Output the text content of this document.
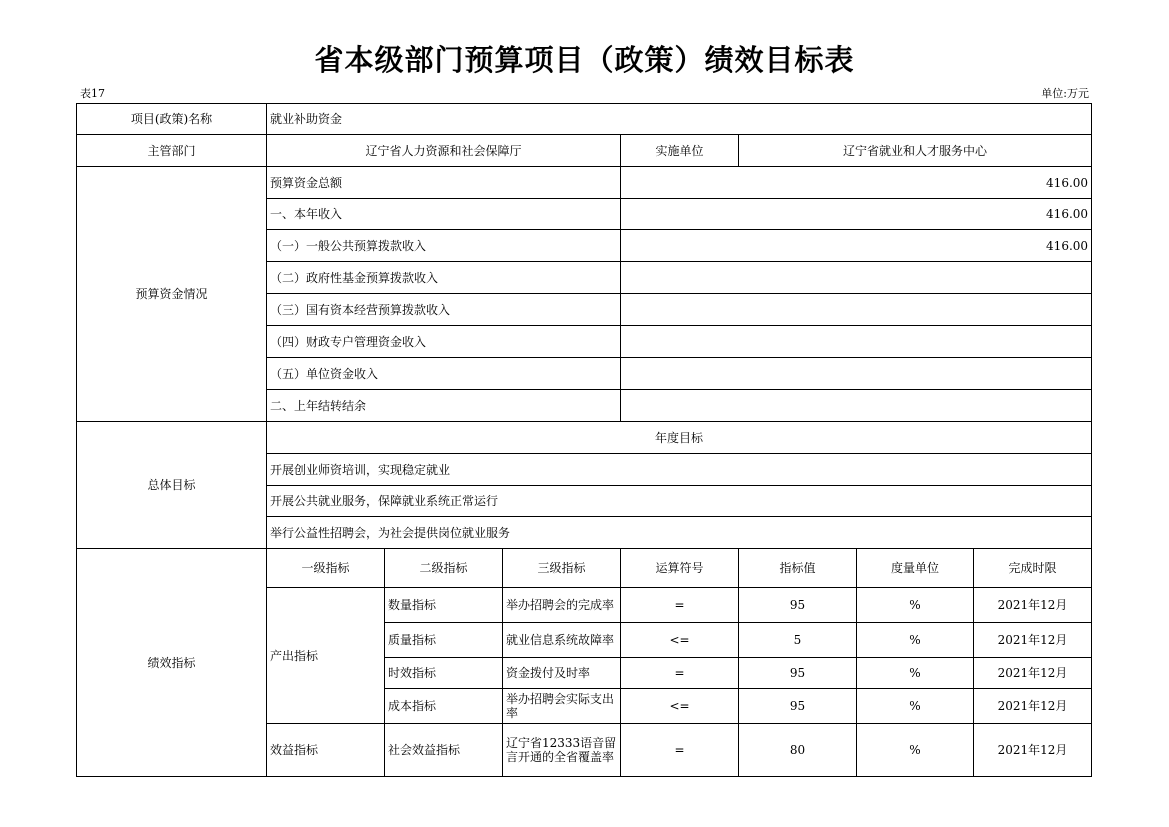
省本级部门预算项目（政策）绩效目标表
表17	单位:万元
项目(政策)名称	就业补助资金						
主管部门	辽宁省人力资源和社会保障厅			实施单位	辽宁省就业和人才服务中心		
预算资金情况	预算资金总额			416.00			
	一、本年收入			416.00			
	（一）一般公共预算拨款收入			416.00			
	（二）政府性基金预算拨款收入						
	（三）国有资本经营预算拨款收入						
	（四）财政专户管理资金收入						
	（五）单位资金收入						
	二、上年结转结余						
总体目标	年度目标						
	开展创业师资培训，实现稳定就业						
	开展公共就业服务，保障就业系统正常运行						
	举行公益性招聘会，为社会提供岗位就业服务						
绩效指标	一级指标	二级指标	三级指标	运算符号	指标值	度量单位	完成时限
	产出指标	数量指标	举办招聘会的完成率	=	95	%	2021年12月
		质量指标	就业信息系统故障率	<=	5	%	2021年12月
		时效指标	资金拨付及时率	=	95	%	2021年12月
		成本指标	举办招聘会实际支出率	<=	95	%	2021年12月
	效益指标	社会效益指标	辽宁省12333语音留言开通的全省覆盖率	=	80	%	2021年12月
